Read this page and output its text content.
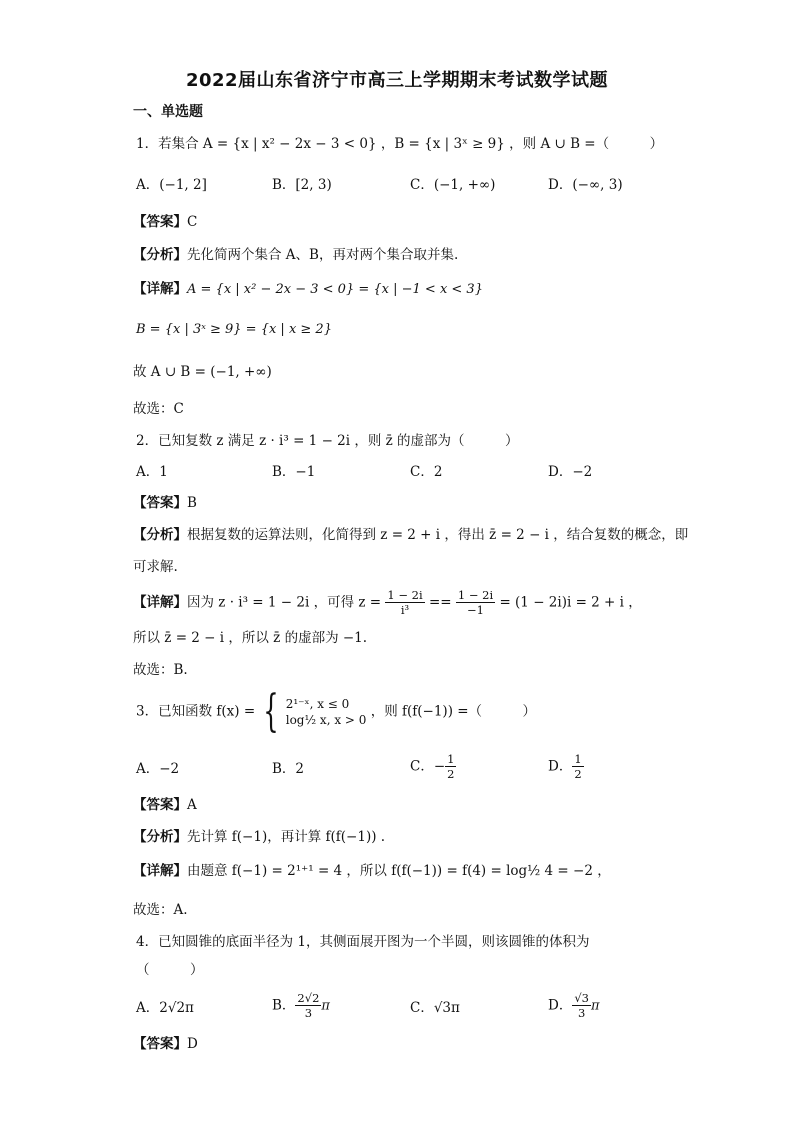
2022届山东省济宁市高三上学期期末考试数学试题
一、单选题
1．若集合 A = {x | x² − 2x − 3 < 0} ，B = {x | 3ˣ ≥ 9} ，则 A ∪ B =（　　　）
A．(−1, 2]	B．[2, 3)	C．(−1, +∞)	D．(−∞, 3)
【答案】C
【分析】先化简两个集合 A、B，再对两个集合取并集.
【详解】A = {x | x² − 2x − 3 < 0} = {x | −1 < x < 3}
B = {x | 3ˣ ≥ 9} = {x | x ≥ 2}
故 A ∪ B = (−1, +∞)
故选：C
2．已知复数 z 满足 z · i³ = 1 − 2i ，则 z̄ 的虚部为（　　　）
A．1	B．−1	C．2	D．−2
【答案】B
【分析】根据复数的运算法则，化简得到 z = 2 + i ，得出 z̄ = 2 − i ，结合复数的概念，即
可求解.
【详解】因为 z · i³ = 1 − 2i ，可得 $z = \frac{1 - 2i}{\text{i³}} == \frac{1 - 2i}{-1} = (1 - 2i)i = 2 + i$ ，
所以 z̄ = 2 − i ，所以 z̄ 的虚部为 −1.
故选：B.
3．已知函数 f(x) = { 2¹⁻ˣ, x ≤ 0
log½ x, x > 0
，则 f(f(−1)) =（　　　）
A．−2	B．2	C．− $\frac{1}{2}$	D． $\frac{1}{2}$
【答案】A
【分析】先计算 f(−1)，再计算 f(f(−1)) .
【详解】由题意 f(−1) = 2¹⁺¹ = 4 ，所以 f(f(−1)) = f(4) = log½ 4 = −2 ，
故选：A.
4．已知圆锥的底面半径为 1，其侧面展开图为一个半圆，则该圆锥的体积为
（　　　）
A．2√2π	B． $\frac{2√2}{3}$ π	C．√3π	D． $\frac{√3}{3}$ π
【答案】D
